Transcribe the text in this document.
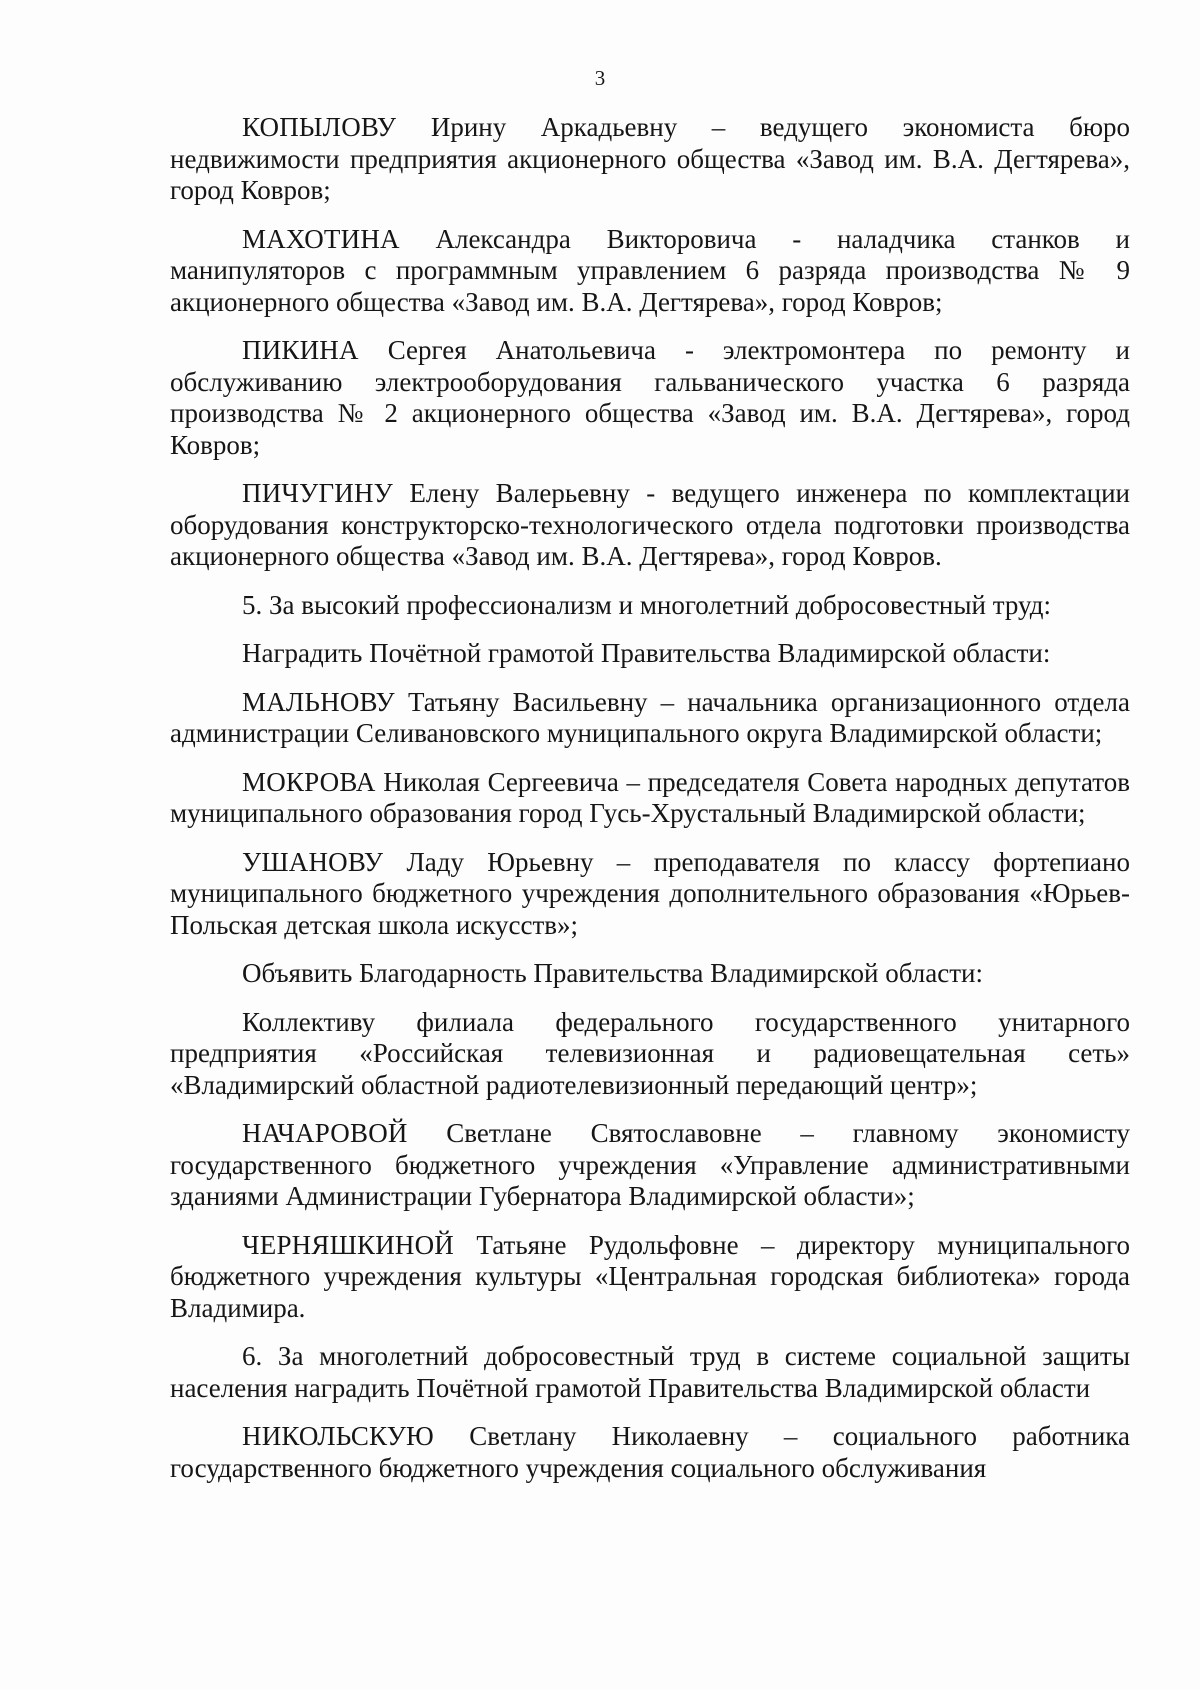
3

КОПЫЛОВУ Ирину Аркадьевну – ведущего экономиста бюро недвижимости предприятия акционерного общества «Завод им. В.А. Дегтярева», город Ковров;

МАХОТИНА Александра Викторовича - наладчика станков и манипуляторов с программным управлением 6 разряда производства № 9 акционерного общества «Завод им. В.А. Дегтярева», город Ковров;

ПИКИНА Сергея Анатольевича - электромонтера по ремонту и обслуживанию электрооборудования гальванического участка 6 разряда производства № 2 акционерного общества «Завод им. В.А. Дегтярева», город Ковров;

ПИЧУГИНУ Елену Валерьевну - ведущего инженера по комплектации оборудования конструкторско-технологического отдела подготовки производства акционерного общества «Завод им. В.А. Дегтярева», город Ковров.

5. За высокий профессионализм и многолетний добросовестный труд:

Наградить Почётной грамотой Правительства Владимирской области:

МАЛЬНОВУ Татьяну Васильевну – начальника организационного отдела администрации Селивановского муниципального округа Владимирской области;

МОКРОВА Николая Сергеевича – председателя Совета народных депутатов муниципального образования город Гусь-Хрустальный Владимирской области;

УШАНОВУ Ладу Юрьевну – преподавателя по классу фортепиано муниципального бюджетного учреждения дополнительного образования «Юрьев-Польская детская школа искусств»;

Объявить Благодарность Правительства Владимирской области:

Коллективу филиала федерального государственного унитарного предприятия «Российская телевизионная и радиовещательная сеть» «Владимирский областной радиотелевизионный передающий центр»;

НАЧАРОВОЙ Светлане Святославовне – главному экономисту государственного бюджетного учреждения «Управление административными зданиями Администрации Губернатора Владимирской области»;

ЧЕРНЯШКИНОЙ Татьяне Рудольфовне – директору муниципального бюджетного учреждения культуры «Центральная городская библиотека» города Владимира.

6. За многолетний добросовестный труд в системе социальной защиты населения наградить Почётной грамотой Правительства Владимирской области

НИКОЛЬСКУЮ Светлану Николаевну – социального работника государственного бюджетного учреждения социального обслуживания
